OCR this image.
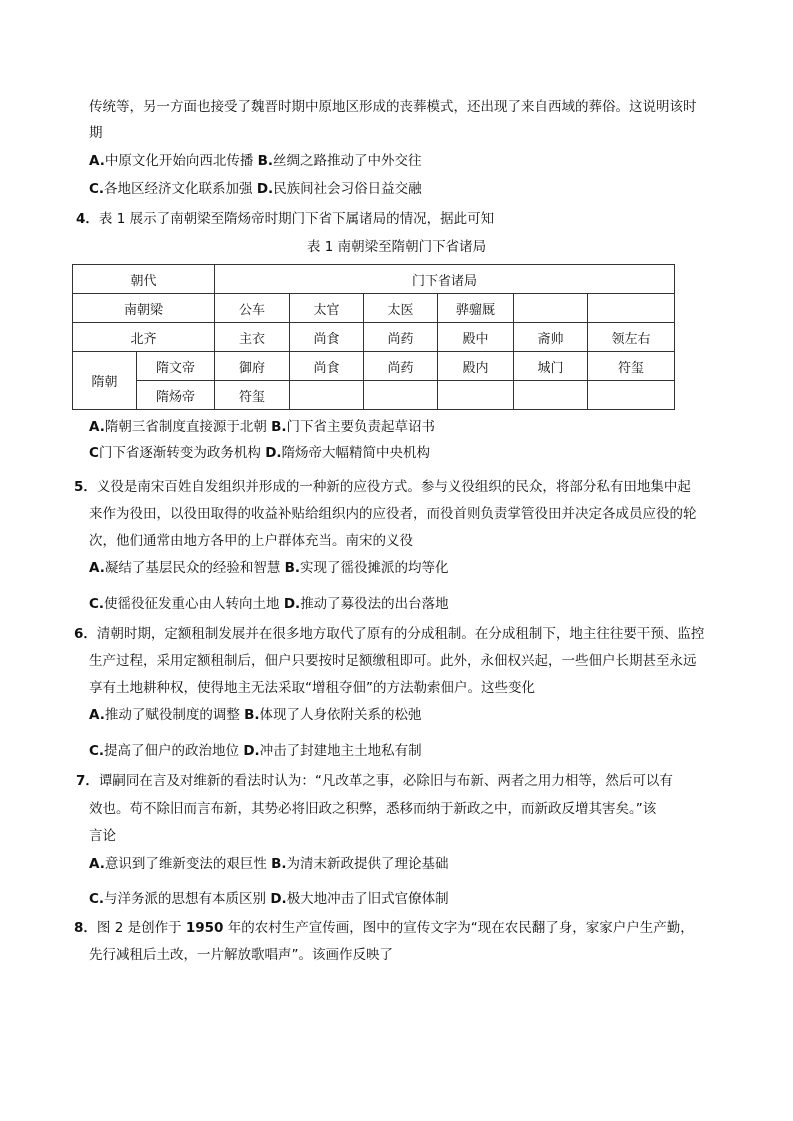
传统等，另一方面也接受了魏晋时期中原地区形成的丧葬模式，还出现了来自西域的葬俗。这说明该时
期
A.中原文化开始向西北传播 B.丝绸之路推动了中外交往
C.各地区经济文化联系加强 D.民族间社会习俗日益交融
4．表 1 展示了南朝梁至隋炀帝时期门下省下属诸局的情况，据此可知
表 1 南朝梁至隋朝门下省诸局
朝代		门下省诸局					
南朝梁		公车	太官	太医	骅骝厩		
北齐		主衣	尚食	尚药	殿中	斋帅	领左右
隋朝	隋文帝	御府	尚食	尚药	殿内	城门	符玺
	隋炀帝	符玺					
A.隋朝三省制度直接源于北朝 B.门下省主要负责起草诏书
C门下省逐渐转变为政务机构 D.隋炀帝大幅精简中央机构
5．义役是南宋百姓自发组织并形成的一种新的应役方式。参与义役组织的民众，将部分私有田地集中起
来作为役田，以役田取得的收益补贴给组织内的应役者，而役首则负责掌管役田并决定各成员应役的轮
次，他们通常由地方各甲的上户群体充当。南宋的义役
A.凝结了基层民众的经验和智慧 B.实现了徭役摊派的均等化
C.使徭役征发重心由人转向土地 D.推动了募役法的出台落地
6．清朝时期，定额租制发展并在很多地方取代了原有的分成租制。在分成租制下，地主往往要干预、监控
生产过程，采用定额租制后，佃户只要按时足额缴租即可。此外，永佃权兴起，一些佃户长期甚至永远
享有土地耕种权，使得地主无法采取“增租夺佃”的方法勒索佃户。这些变化
A.推动了赋役制度的调整 B.体现了人身依附关系的松弛
C.提高了佃户的政治地位 D.冲击了封建地主土地私有制
7．谭嗣同在言及对维新的看法时认为：“凡改革之事，必除旧与布新、两者之用力相等，然后可以有
效也。苟不除旧而言布新，其势必将旧政之积弊，悉移而纳于新政之中，而新政反增其害矣。”该
言论
A.意识到了维新变法的艰巨性 B.为清末新政提供了理论基础
C.与洋务派的思想有本质区别 D.极大地冲击了旧式官僚体制
8．图 2 是创作于 1950 年的农村生产宣传画，图中的宣传文字为“现在农民翻了身，家家户户生产勤，
先行减租后土改，一片解放歌唱声”。该画作反映了
